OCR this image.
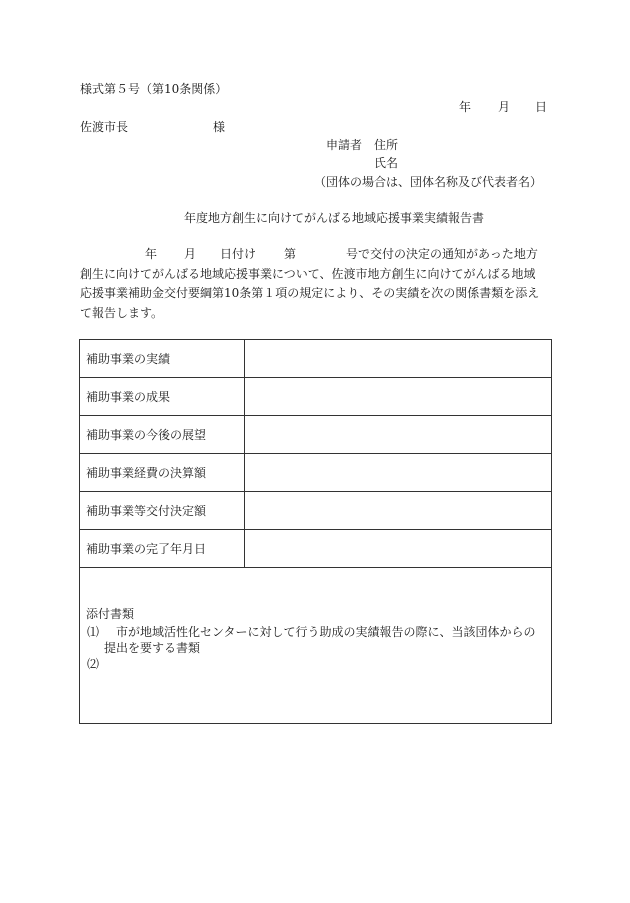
様式第５号（第10条関係）
年 月 日
佐渡市長	様
申請者 住所
氏名
（団体の場合は、団体名称及び代表者名）
年度地方創生に向けてがんばる地域応援事業実績報告書
年 月 日付け 第	号で交付の決定の通知があった地方
創生に向けてがんばる地域応援事業について、佐渡市地方創生に向けてがんばる地域
応援事業補助金交付要綱第10条第１項の規定により、その実績を次の関係書類を添え
て報告します。
補助事業の実績	
補助事業の成果	
補助事業の今後の展望	
補助事業経費の決算額	
補助事業等交付決定額	
補助事業の完了年月日	
添付書類
⑴ 市が地域活性化センターに対して行う助成の実績報告の際に、当該団体からの
提出を要する書類
⑵
